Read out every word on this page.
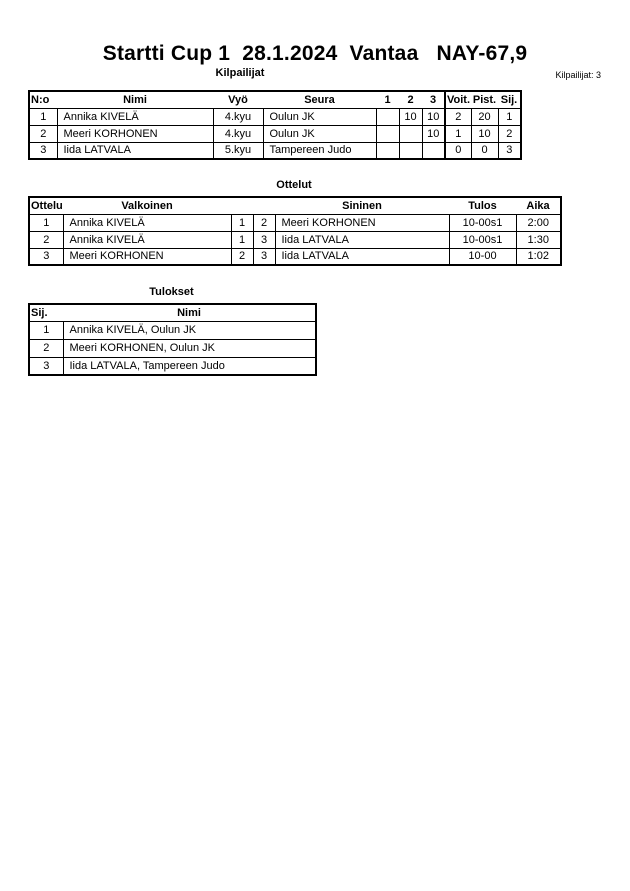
Startti Cup 1  28.1.2024  Vantaa   NAY-67,9
Kilpailijat	Kilpailijat: 3
N:o	Nimi	Vyö	Seura	1	2	3	Voit.	Pist.	Sij.
1	Annika KIVELÄ	4.kyu	Oulun JK		10	10	2	20	1
2	Meeri KORHONEN	4.kyu	Oulun JK			10	1	10	2
3	Iida LATVALA	5.kyu	Tampereen Judo				0	0	3
Ottelut
Ottelu	Valkoinen			Sininen	Tulos	Aika
1	Annika KIVELÄ	1	2	Meeri KORHONEN	10-00s1	2:00
2	Annika KIVELÄ	1	3	Iida LATVALA	10-00s1	1:30
3	Meeri KORHONEN	2	3	Iida LATVALA	10-00	1:02
Tulokset
Sij.	Nimi
1	Annika KIVELÄ, Oulun JK
2	Meeri KORHONEN, Oulun JK
3	Iida LATVALA, Tampereen Judo
